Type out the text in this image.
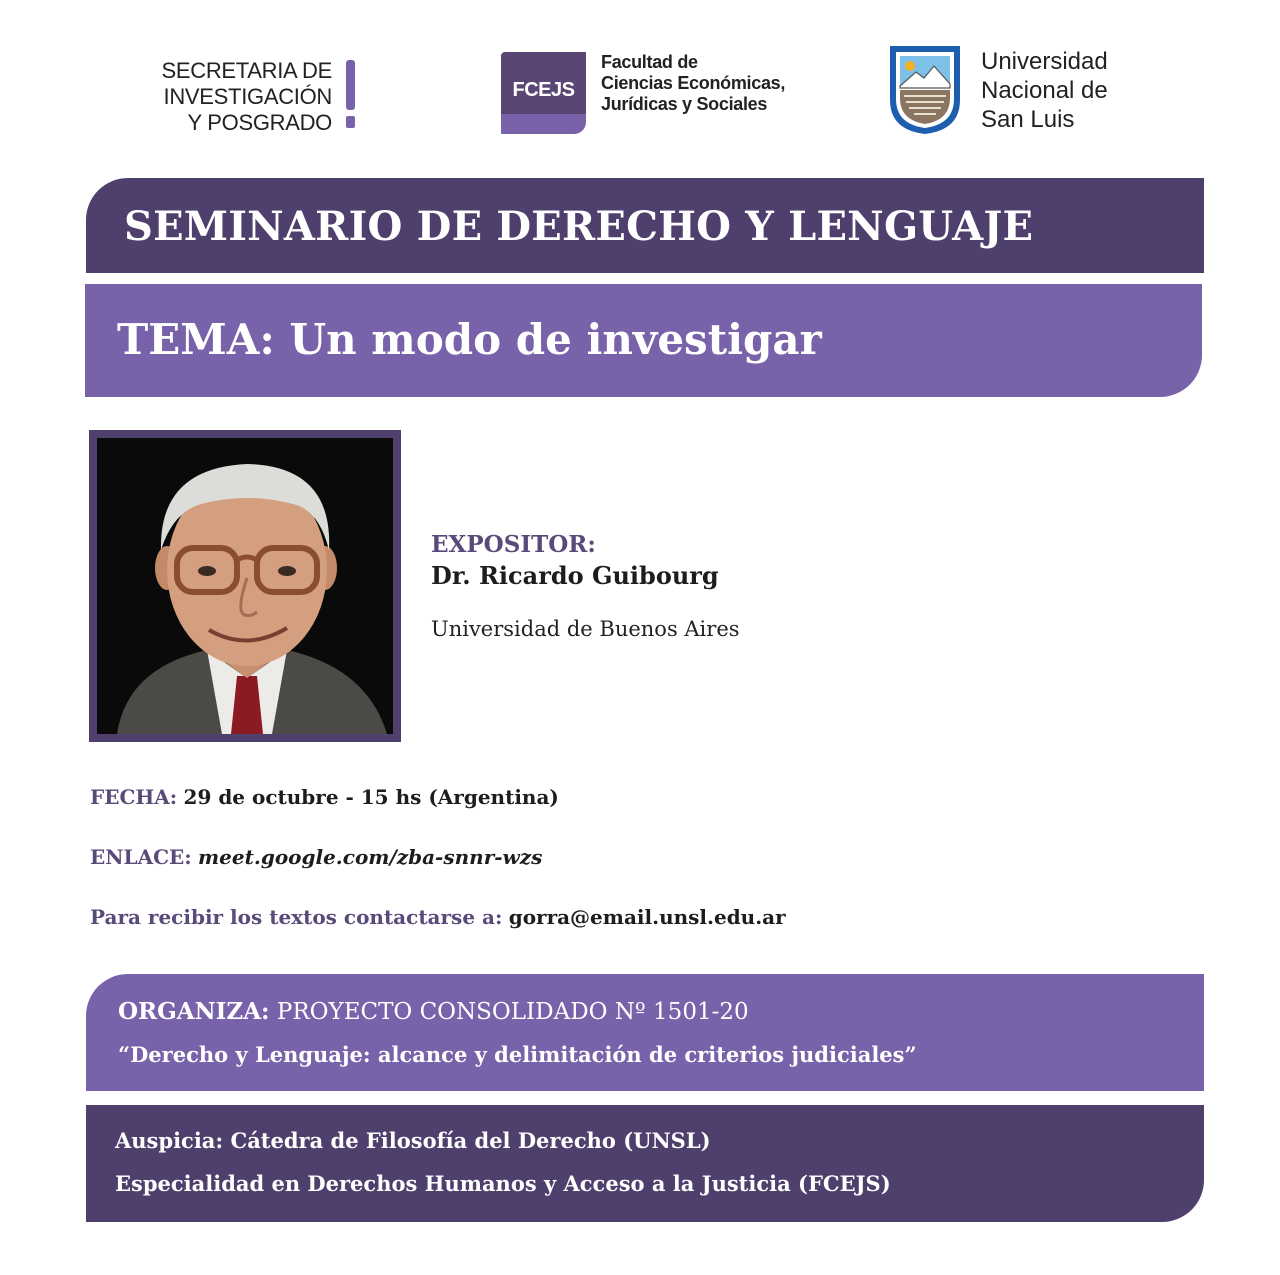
SECRETARIA DE
INVESTIGACIÓN
Y POSGRADO
FCEJS
Facultad de
Ciencias Económicas,
Jurídicas y Sociales
Universidad
Nacional de
San Luis
SEMINARIO DE DERECHO Y LENGUAJE
TEMA: Un modo de investigar
EXPOSITOR:
Dr. Ricardo Guibourg
Universidad de Buenos Aires
FECHA: 29 de octubre - 15 hs (Argentina)
ENLACE: meet.google.com/zba-snnr-wzs
Para recibir los textos contactarse a: gorra@email.unsl.edu.ar
ORGANIZA: PROYECTO CONSOLIDADO Nº 1501-20
“Derecho y Lenguaje: alcance y delimitación de criterios judiciales”
Auspicia: Cátedra de Filosofía del Derecho (UNSL)
Especialidad en Derechos Humanos y Acceso a la Justicia (FCEJS)
